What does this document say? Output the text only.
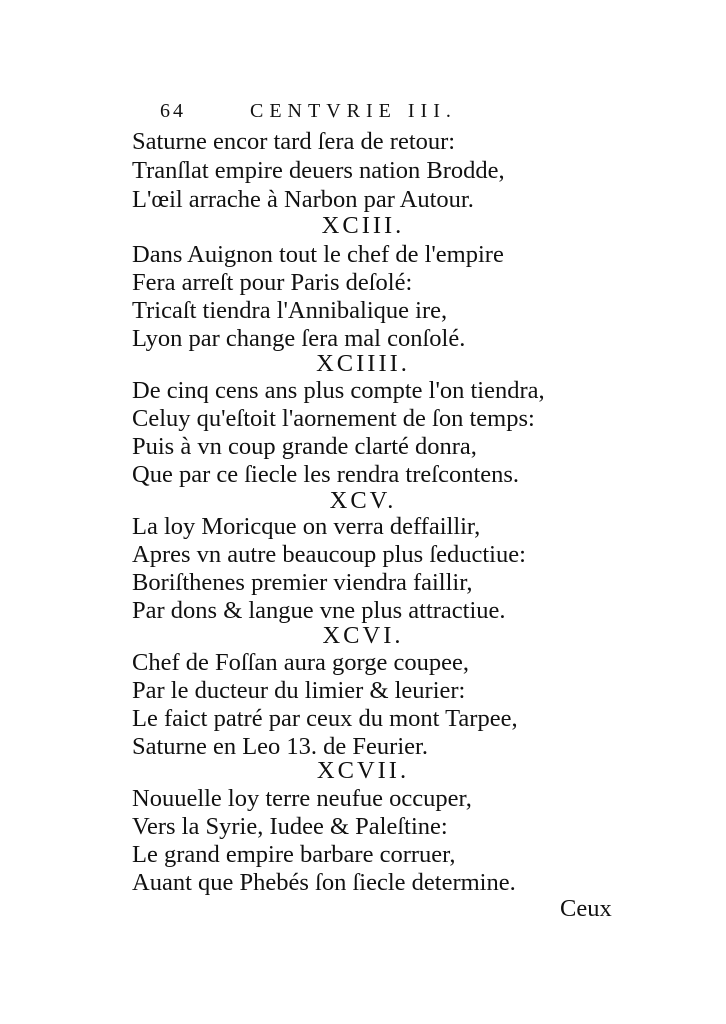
64	CENTVRIE III.
Saturne encor tard ſera de retour:
Tranſlat empire deuers nation Brodde,
L'œil arrache à Narbon par Autour.
XCIII.
Dans Auignon tout le chef de l'empire
Fera arreſt pour Paris deſolé:
Tricaſt tiendra l'Annibalique ire,
Lyon par change ſera mal conſolé.
XCIIII.
De cinq cens ans plus compte l'on tiendra,
Celuy qu'eſtoit l'aornement de ſon temps:
Puis à vn coup grande clarté donra,
Que par ce ſiecle les rendra treſcontens.
XCV.
La loy Moricque on verra deffaillir,
Apres vn autre beaucoup plus ſeductiue:
Boriſthenes premier viendra faillir,
Par dons & langue vne plus attractiue.
XCVI.
Chef de Foſſan aura gorge coupee,
Par le ducteur du limier & leurier:
Le faict patré par ceux du mont Tarpee,
Saturne en Leo 13. de Feurier.
XCVII.
Nouuelle loy terre neufue occuper,
Vers la Syrie, Iudee & Paleſtine:
Le grand empire barbare corruer,
Auant que Phebés ſon ſiecle determine.
Ceux
